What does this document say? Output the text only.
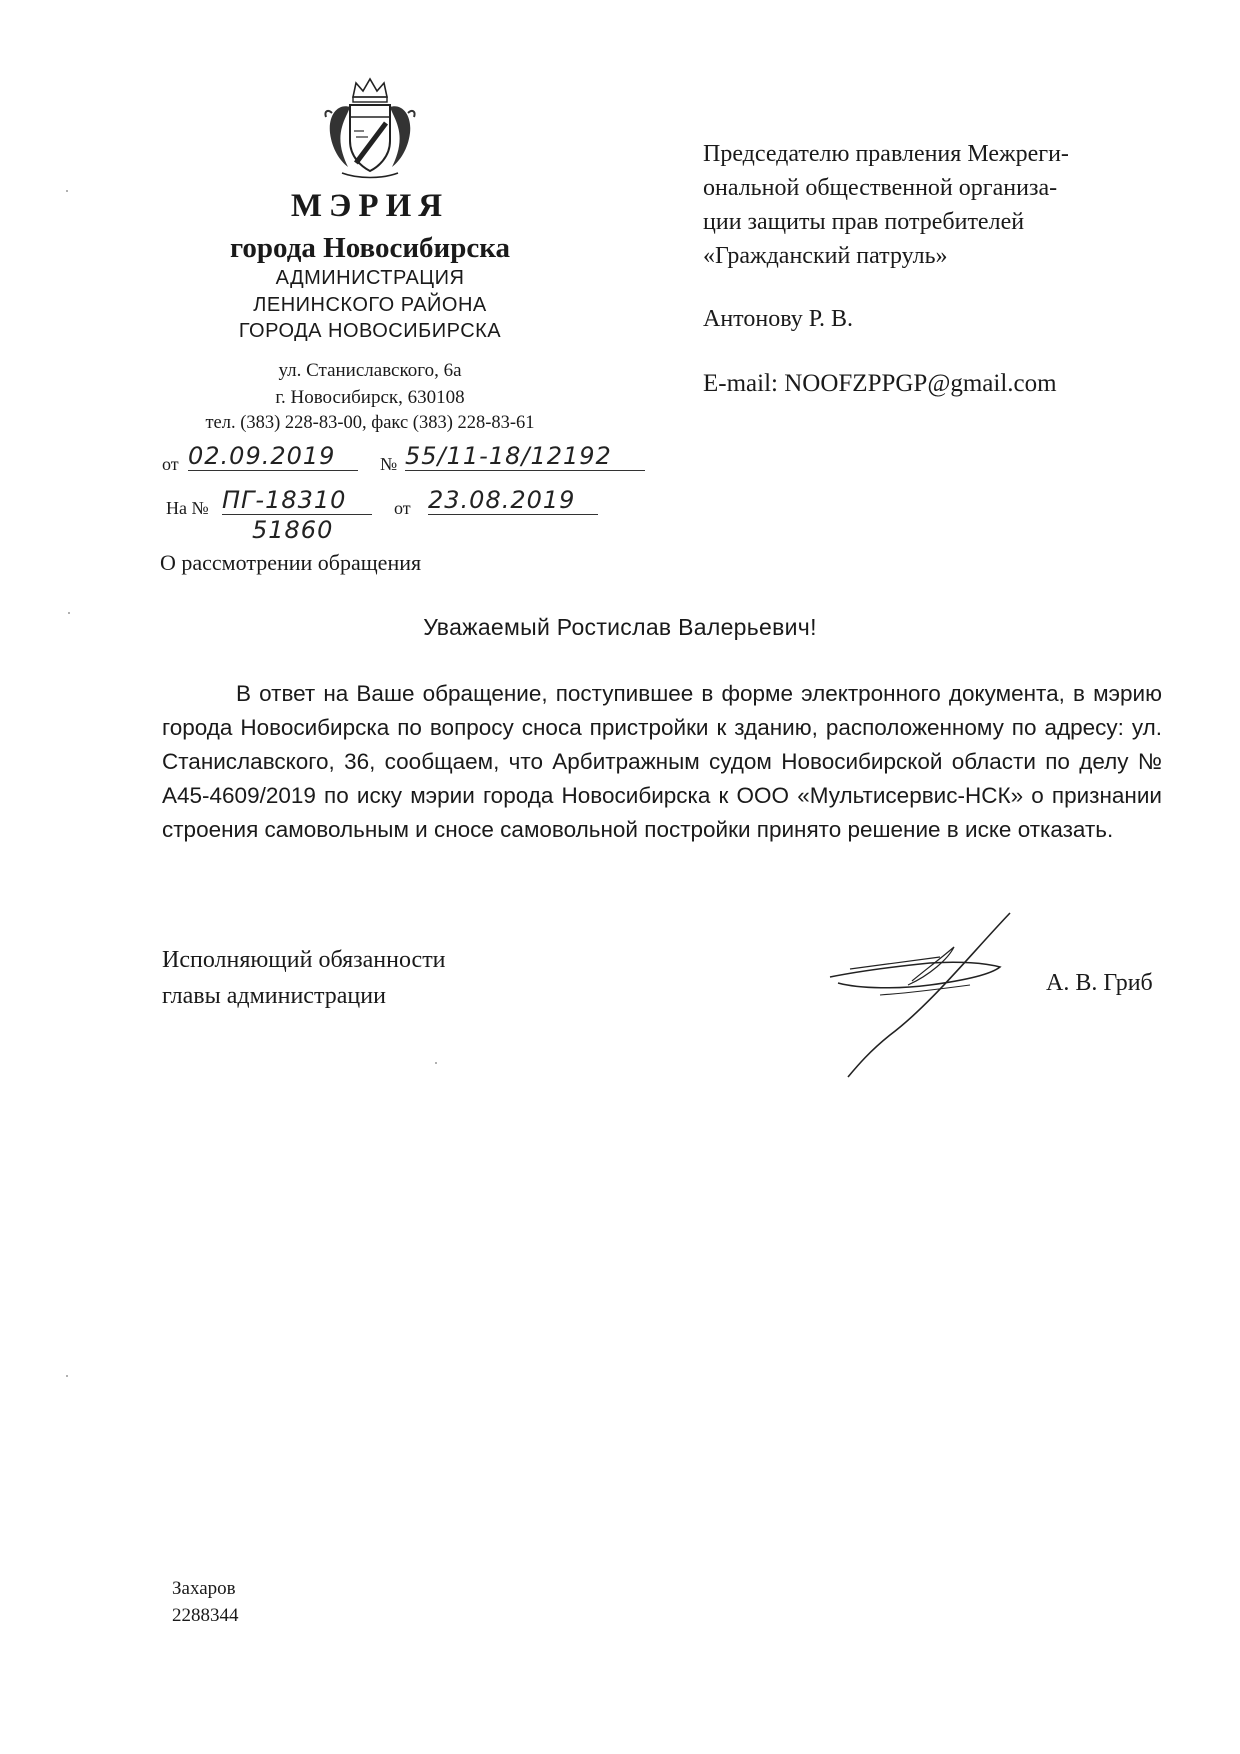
МЭРИЯ
города Новосибирска
АДМИНИСТРАЦИЯ
ЛЕНИНСКОГО РАЙОНА
ГОРОДА НОВОСИБИРСКА
ул. Станиславского, 6а
г. Новосибирск, 630108
тел. (383) 228-83-00, факс (383) 228-83-61
от 02.09.2019	№ 55/11-18/12192
На № ПГ-18310
51860
от 23.08.2019
О рассмотрении обращения
Председателю правления Межреги-
ональной общественной организа-
ции защиты прав потребителей
«Гражданский патруль»
Антонову Р. В.
E-mail: NOOFZPPGP@gmail.com
Уважаемый Ростислав Валерьевич!
В ответ на Ваше обращение, поступившее в форме электронного документа, в мэрию города Новосибирска по вопросу сноса пристройки к зданию, расположенному по адресу: ул. Станиславского, 36, сообщаем, что Арбитражным судом Новосибирской области по делу № А45-4609/2019 по иску мэрии города Новосибирска к ООО «Мультисервис-НСК» о признании строения самовольным и сносе самовольной постройки принято решение в иске отказать.
Исполняющий обязанности
главы администрации	А. В. Гриб
Захаров
2288344
